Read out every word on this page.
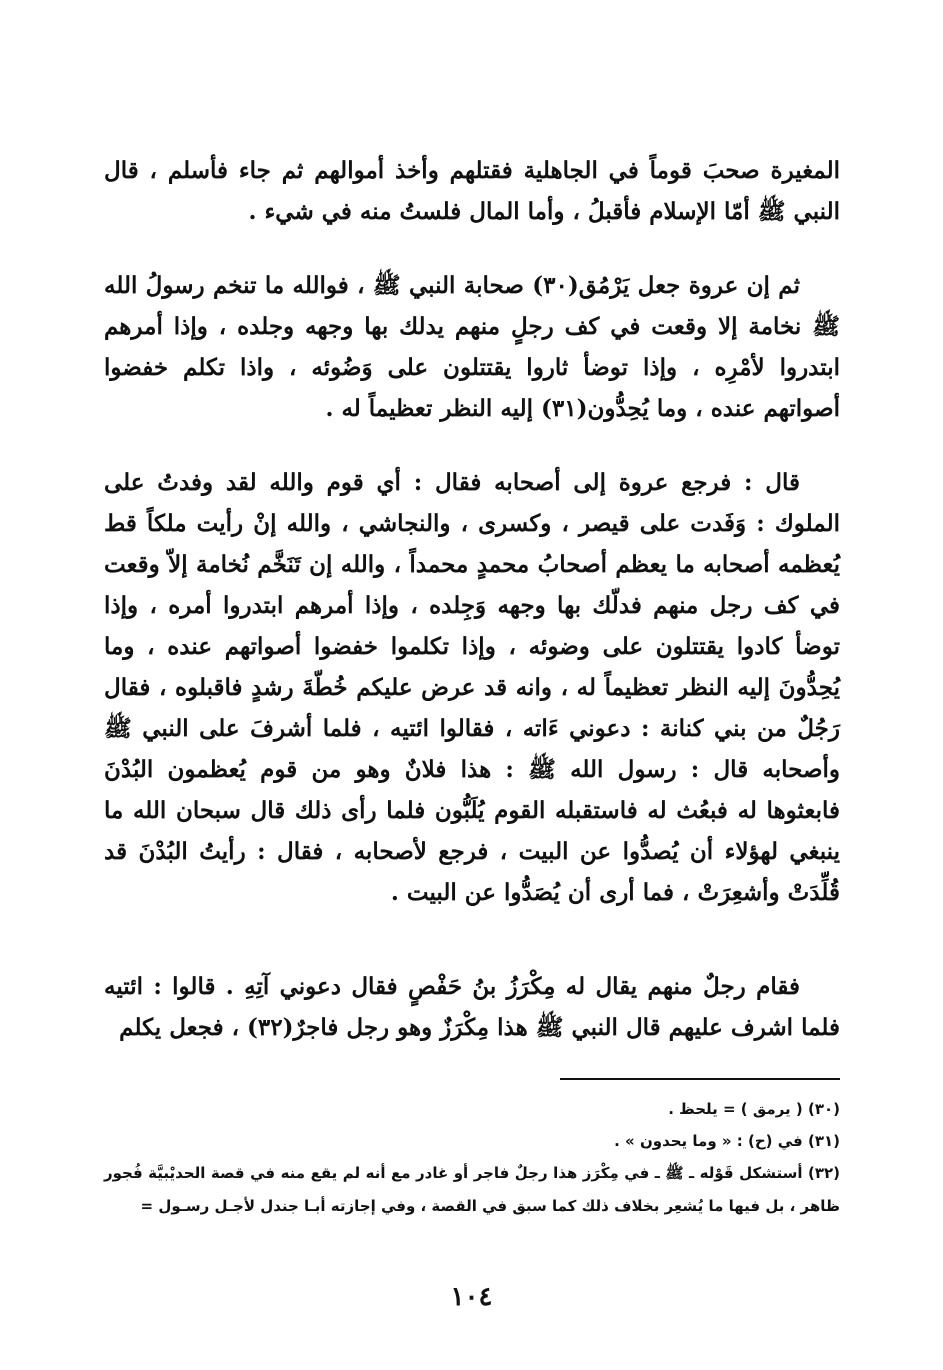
المغيرة صحبَ قوماً في الجاهلية فقتلهم وأخذ أموالهم ثم جاء فأسلم ، قال النبي ﷺ أمّا الإسلام فأقبلُ ، وأما المال فلستُ منه في شيء .

ثم إن عروة جعل يَرْمُق(٣٠) صحابة النبي ﷺ ، فوالله ما تنخم رسولُ الله ﷺ نخامة إلا وقعت في كف رجلٍ منهم يدلك بها وجهه وجلده ، وإذا أمرهم ابتدروا لأمْرِه ، وإذا توضأ ثاروا يقتتلون على وَضُوئه ، واذا تكلم خفضوا أصواتهم عنده ، وما يُحِدُّون(٣١) إليه النظر تعظيماً له .

قال : فرجع عروة إلى أصحابه فقال : أي قوم والله لقد وفدتُ على الملوك : وَفَدت على قيصر ، وكسرى ، والنجاشي ، والله إنْ رأيت ملكاً قط يُعظمه أصحابه ما يعظم أصحابُ محمدٍ محمداً ، والله إن تَنَخَّم نُخامة إلاّ وقعت في كف رجل منهم فدلّك بها وجهه وَجِلده ، وإذا أمرهم ابتدروا أمره ، وإذا توضأ كادوا يقتتلون على وضوئه ، وإذا تكلموا خفضوا أصواتهم عنده ، وما يُحِدُّونَ إليه النظر تعظيماً له ، وانه قد عرض عليكم خُطّةَ رشدٍ فاقبلوه ، فقال رَجُلٌ من بني كنانة : دعوني ءَاته ، فقالوا ائتيه ، فلما أشرفَ على النبي ﷺ وأصحابه قال : رسول الله ﷺ : هذا فلانٌ وهو من قوم يُعظمون البُدْنَ فابعثوها له فبعُث له فاستقبله القوم يُلَبُّون فلما رأى ذلك قال سبحان الله ما ينبغي لهؤلاء أن يُصدُّوا عن البيت ، فرجع لأصحابه ، فقال : رأيتُ البُدْنَ قد قُلِّدَتْ وأشعِرَتْ ، فما أرى أن يُصَدُّوا عن البيت .

فقام رجلٌ منهم يقال له مِكْرَزُ بنُ حَفْصٍ فقال دعوني آتِهِ . قالوا : ائتيه فلما اشرف عليهم قال النبي ﷺ هذا مِكْرَزٌ وهو رجل فاجرٌ(٣٢) ، فجعل يكلم

(٣٠) ( يرمق ) = يلحظ .

(٣١) في (ح) : « وما يحدون » .

(٣٢) أستشكل قَوْله ـ ﷺ ـ في مِكْرَز هذا رجلٌ فاجر أو غادر مع أنه لم يقع منه في قصة الحديْبيَّة فُجور ظاهر ، بل فيها ما يُشعِر بخلاف ذلك كما سبق في القصة ، وفي إجازته أبـا جندل لأجـل رسـول =

١٠٤
